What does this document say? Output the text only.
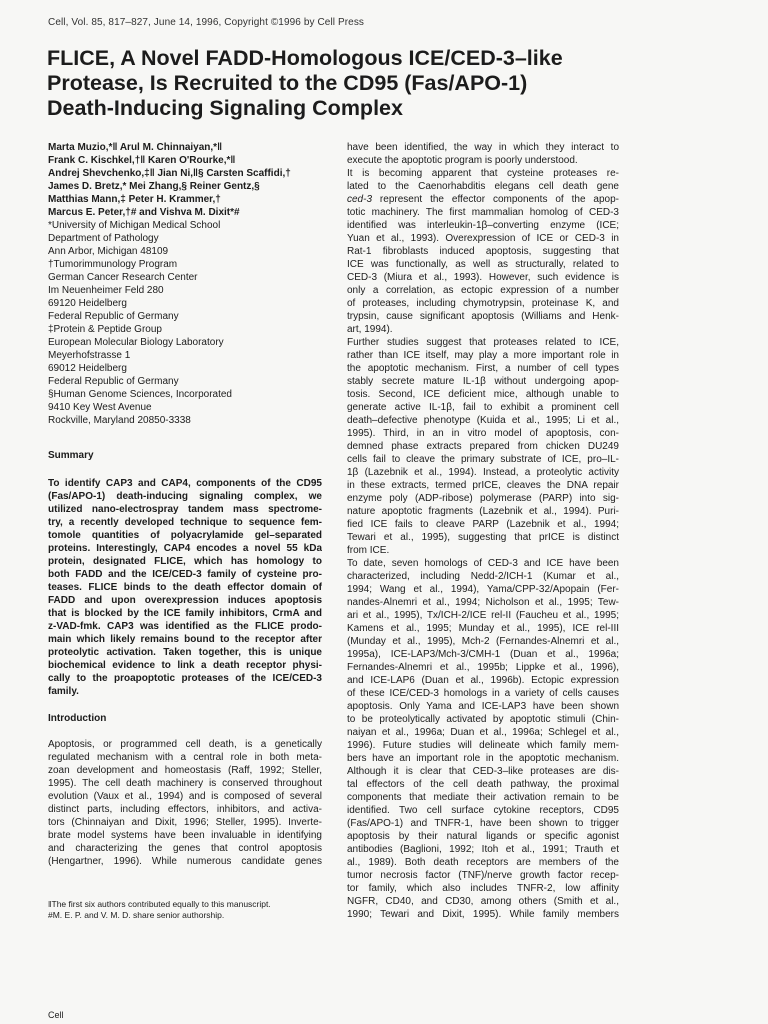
Cell, Vol. 85, 817–827, June 14, 1996, Copyright ©1996 by Cell Press
FLICE, A Novel FADD-Homologous ICE/CED-3–like
Protease, Is Recruited to the CD95 (Fas/APO-1)
Death-Inducing Signaling Complex
Marta Muzio,*‖ Arul M. Chinnaiyan,*‖
Frank C. Kischkel,†‖ Karen O'Rourke,*‖
Andrej Shevchenko,‡‖ Jian Ni,‖§ Carsten Scaffidi,†
James D. Bretz,* Mei Zhang,§ Reiner Gentz,§
Matthias Mann,‡ Peter H. Krammer,†
Marcus E. Peter,†# and Vishva M. Dixit*#
*University of Michigan Medical School
Department of Pathology
Ann Arbor, Michigan 48109
†Tumorimmunology Program
German Cancer Research Center
Im Neuenheimer Feld 280
69120 Heidelberg
Federal Republic of Germany
‡Protein & Peptide Group
European Molecular Biology Laboratory
Meyerhofstrasse 1
69012 Heidelberg
Federal Republic of Germany
§Human Genome Sciences, Incorporated
9410 Key West Avenue
Rockville, Maryland 20850-3338
Summary
To identify CAP3 and CAP4, components of the CD95
(Fas/APO-1) death-inducing signaling complex, we
utilized nano-electrospray tandem mass spectrome-
try, a recently developed technique to sequence fem-
tomole quantities of polyacrylamide gel–separated
proteins. Interestingly, CAP4 encodes a novel 55 kDa
protein, designated FLICE, which has homology to
both FADD and the ICE/CED-3 family of cysteine pro-
teases. FLICE binds to the death effector domain of
FADD and upon overexpression induces apoptosis
that is blocked by the ICE family inhibitors, CrmA and
z-VAD-fmk. CAP3 was identified as the FLICE prodo-
main which likely remains bound to the receptor after
proteolytic activation. Taken together, this is unique
biochemical evidence to link a death receptor physi-
cally to the proapoptotic proteases of the ICE/CED-3
family.
Introduction
Apoptosis, or programmed cell death, is a genetically
regulated mechanism with a central role in both meta-
zoan development and homeostasis (Raff, 1992; Steller,
1995). The cell death machinery is conserved throughout
evolution (Vaux et al., 1994) and is composed of several
distinct parts, including effectors, inhibitors, and activa-
tors (Chinnaiyan and Dixit, 1996; Steller, 1995). Inverte-
brate model systems have been invaluable in identifying
and characterizing the genes that control apoptosis
(Hengartner, 1996). While numerous candidate genes
‖The first six authors contributed equally to this manuscript.
#M. E. P. and V. M. D. share senior authorship.
have been identified, the way in which they interact to
execute the apoptotic program is poorly understood.
It is becoming apparent that cysteine proteases re-
lated to the Caenorhabditis elegans cell death gene
ced-3 represent the effector components of the apop-
totic machinery. The first mammalian homolog of CED-3
identified was interleukin-1β–converting enzyme (ICE;
Yuan et al., 1993). Overexpression of ICE or CED-3 in
Rat-1 fibroblasts induced apoptosis, suggesting that
ICE was functionally, as well as structurally, related to
CED-3 (Miura et al., 1993). However, such evidence is
only a correlation, as ectopic expression of a number
of proteases, including chymotrypsin, proteinase K, and
trypsin, cause significant apoptosis (Williams and Henk-
art, 1994).
Further studies suggest that proteases related to ICE,
rather than ICE itself, may play a more important role in
the apoptotic mechanism. First, a number of cell types
stably secrete mature IL-1β without undergoing apop-
tosis. Second, ICE deficient mice, although unable to
generate active IL-1β, fail to exhibit a prominent cell
death–defective phenotype (Kuida et al., 1995; Li et al.,
1995). Third, in an in vitro model of apoptosis, con-
demned phase extracts prepared from chicken DU249
cells fail to cleave the primary substrate of ICE, pro–IL-
1β (Lazebnik et al., 1994). Instead, a proteolytic activity
in these extracts, termed prICE, cleaves the DNA repair
enzyme poly (ADP-ribose) polymerase (PARP) into sig-
nature apoptotic fragments (Lazebnik et al., 1994). Puri-
fied ICE fails to cleave PARP (Lazebnik et al., 1994;
Tewari et al., 1995), suggesting that prICE is distinct
from ICE.
To date, seven homologs of CED-3 and ICE have been
characterized, including Nedd-2/ICH-1 (Kumar et al.,
1994; Wang et al., 1994), Yama/CPP-32/Apopain (Fer-
nandes-Alnemri et al., 1994; Nicholson et al., 1995; Tew-
ari et al., 1995), Tx/ICH-2/ICE rel-II (Faucheu et al., 1995;
Kamens et al., 1995; Munday et al., 1995), ICE rel-III
(Munday et al., 1995), Mch-2 (Fernandes-Alnemri et al.,
1995a), ICE-LAP3/Mch-3/CMH-1 (Duan et al., 1996a;
Fernandes-Alnemri et al., 1995b; Lippke et al., 1996),
and ICE-LAP6 (Duan et al., 1996b). Ectopic expression
of these ICE/CED-3 homologs in a variety of cells causes
apoptosis. Only Yama and ICE-LAP3 have been shown
to be proteolytically activated by apoptotic stimuli (Chin-
naiyan et al., 1996a; Duan et al., 1996a; Schlegel et al.,
1996). Future studies will delineate which family mem-
bers have an important role in the apoptotic mechanism.
Although it is clear that CED-3–like proteases are dis-
tal effectors of the cell death pathway, the proximal
components that mediate their activation remain to be
identified. Two cell surface cytokine receptors, CD95
(Fas/APO-1) and TNFR-1, have been shown to trigger
apoptosis by their natural ligands or specific agonist
antibodies (Baglioni, 1992; Itoh et al., 1991; Trauth et
al., 1989). Both death receptors are members of the
tumor necrosis factor (TNF)/nerve growth factor recep-
tor family, which also includes TNFR-2, low affinity
NGFR, CD40, and CD30, among others (Smith et al.,
1990; Tewari and Dixit, 1995). While family members
Cell
